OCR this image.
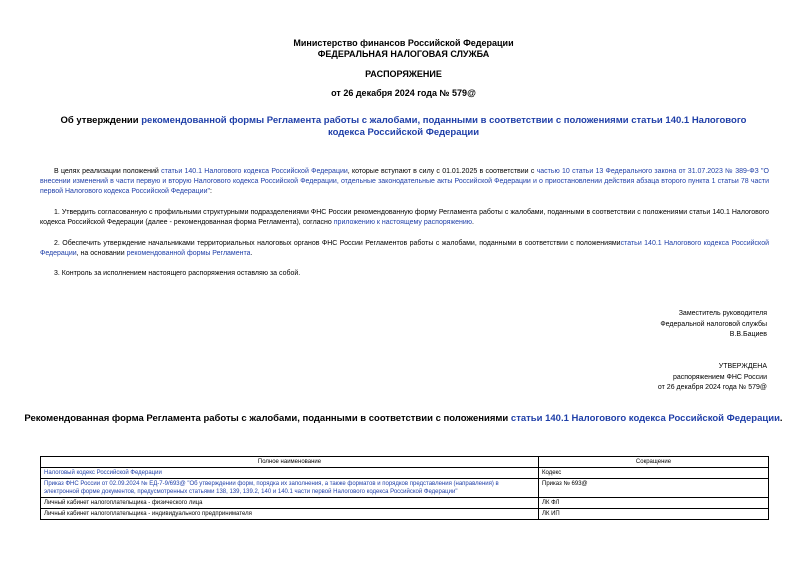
Министерство финансов Российской Федерации
ФЕДЕРАЛЬНАЯ НАЛОГОВАЯ СЛУЖБА
РАСПОРЯЖЕНИЕ
от 26 декабря 2024 года № 579@
Об утверждении рекомендованной формы Регламента работы с жалобами, поданными в соответствии с положениями статьи 140.1 Налогового кодекса Российской Федерации
В целях реализации положений статьи 140.1 Налогового кодекса Российской Федерации, которые вступают в силу с 01.01.2025 в соответствии с частью 10 статьи 13 Федерального закона от 31.07.2023 № 389-ФЗ "О внесении изменений в части первую и вторую Налогового кодекса Российской Федерации, отдельные законодательные акты Российской Федерации и о приостановлении действия абзаца второго пункта 1 статьи 78 части первой Налогового кодекса Российской Федерации":
1. Утвердить согласованную с профильными структурными подразделениями ФНС России рекомендованную форму Регламента работы с жалобами, поданными в соответствии с положениями статьи 140.1 Налогового кодекса Российской Федерации (далее - рекомендованная форма Регламента), согласно приложению к настоящему распоряжению.
2. Обеспечить утверждение начальниками территориальных налоговых органов ФНС России Регламентов работы с жалобами, поданными в соответствии с положениямистатьи 140.1 Налогового кодекса Российской Федерации, на основании рекомендованной формы Регламента.
3. Контроль за исполнением настоящего распоряжения оставляю за собой.
Заместитель руководителя
Федеральной налоговой службы
В.В.Бациев
УТВЕРЖДЕНА
распоряжением ФНС России
от 26 декабря 2024 года № 579@
Рекомендованная форма Регламента работы с жалобами, поданными в соответствии с положениями статьи 140.1 Налогового кодекса Российской Федерации.
Полное наименование	Сокращение
Налоговый кодекс Российской Федерации	Кодекс
Приказ ФНС России от 02.09.2024 № ЕД-7-9/693@ "Об утверждении форм, порядка их заполнения, а также форматов и порядков представления (направления) в электронной форме документов, предусмотренных статьями 138, 139, 139.2, 140 и 140.1 части первой Налогового кодекса Российской Федерации"	Приказ № 693@
Личный кабинет налогоплательщика - физического лица	ЛК ФЛ
Личный кабинет налогоплательщика - индивидуального предпринимателя	ЛК ИП
